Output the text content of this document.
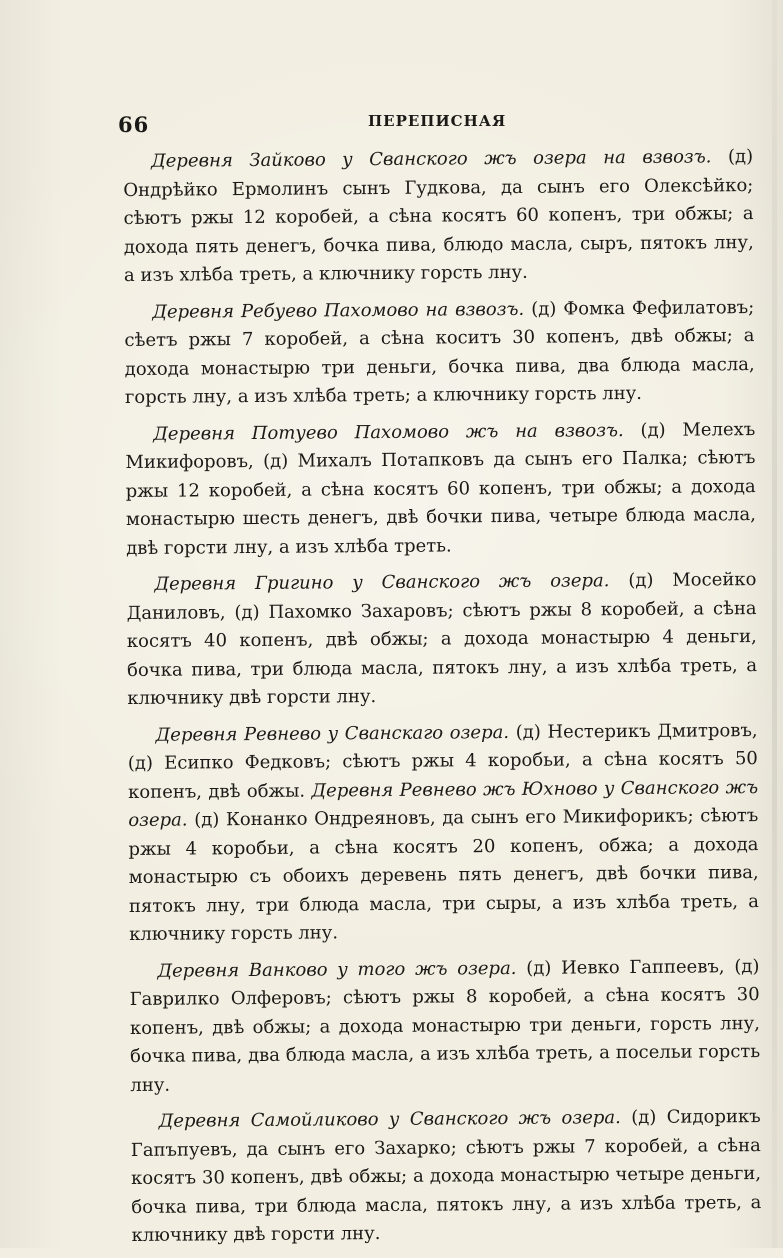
66	ПЕРЕПИСНАЯ

Деревня Зайково у Сванского жъ озера на взвозъ. (д) Ондрѣйко Ермолинъ сынъ Гудкова, да сынъ его Олексѣйко; сѣютъ ржы 12 коробей, а сѣна косятъ 60 копенъ, три обжы; а дохода пять денегъ, бочка пива, блюдо масла, сыръ, пятокъ лну, а изъ хлѣба треть, а ключнику горсть лну.

Деревня Ребуево Пахомово на взвозъ. (д) Фомка Фефилатовъ; сѣетъ ржы 7 коробей, а сѣна коситъ 30 копенъ, двѣ обжы; а дохода монастырю три деньги, бочка пива, два блюда масла, горсть лну, а изъ хлѣба треть; а ключнику горсть лну.

Деревня Потуево Пахомово жъ на взвозъ. (д) Мелехъ Микифоровъ, (д) Михалъ Потапковъ да сынъ его Палка; сѣютъ ржы 12 коробей, а сѣна косятъ 60 копенъ, три обжы; а дохода монастырю шесть денегъ, двѣ бочки пива, четыре блюда масла, двѣ горсти лну, а изъ хлѣба треть.

Деревня Григино у Сванского жъ озера. (д) Мосейко Даниловъ, (д) Пахомко Захаровъ; сѣютъ ржы 8 коробей, а сѣна косятъ 40 копенъ, двѣ обжы; а дохода монастырю 4 деньги, бочка пива, три блюда масла, пятокъ лну, а изъ хлѣба треть, а ключнику двѣ горсти лну.

Деревня Ревнево у Сванскаго озера. (д) Нестерикъ Дмитровъ, (д) Есипко Федковъ; сѣютъ ржы 4 коробьи, а сѣна косятъ 50 копенъ, двѣ обжы. Деревня Ревнево жъ Юхново у Сванского жъ озера. (д) Конанко Ондреяновъ, да сынъ его Микифорикъ; сѣютъ ржы 4 коробьи, а сѣна косятъ 20 копенъ, обжа; а дохода монастырю съ обоихъ деревень пять денегъ, двѣ бочки пива, пятокъ лну, три блюда масла, три сыры, а изъ хлѣба треть, а ключнику горсть лну.

Деревня Ванково у того жъ озера. (д) Иевко Гаппеевъ, (д) Гаврилко Олферовъ; сѣютъ ржы 8 коробей, а сѣна косятъ 30 копенъ, двѣ обжы; а дохода монастырю три деньги, горсть лну, бочка пива, два блюда масла, а изъ хлѣба треть, а посельи горсть лну.

Деревня Самойликово у Сванского жъ озера. (д) Сидорикъ Гапъпуевъ, да сынъ его Захарко; сѣютъ ржы 7 коробей, а сѣна косятъ 30 копенъ, двѣ обжы; а дохода монастырю четыре деньги, бочка пива, три блюда масла, пятокъ лну, а изъ хлѣба треть, а ключнику двѣ горсти лну.
